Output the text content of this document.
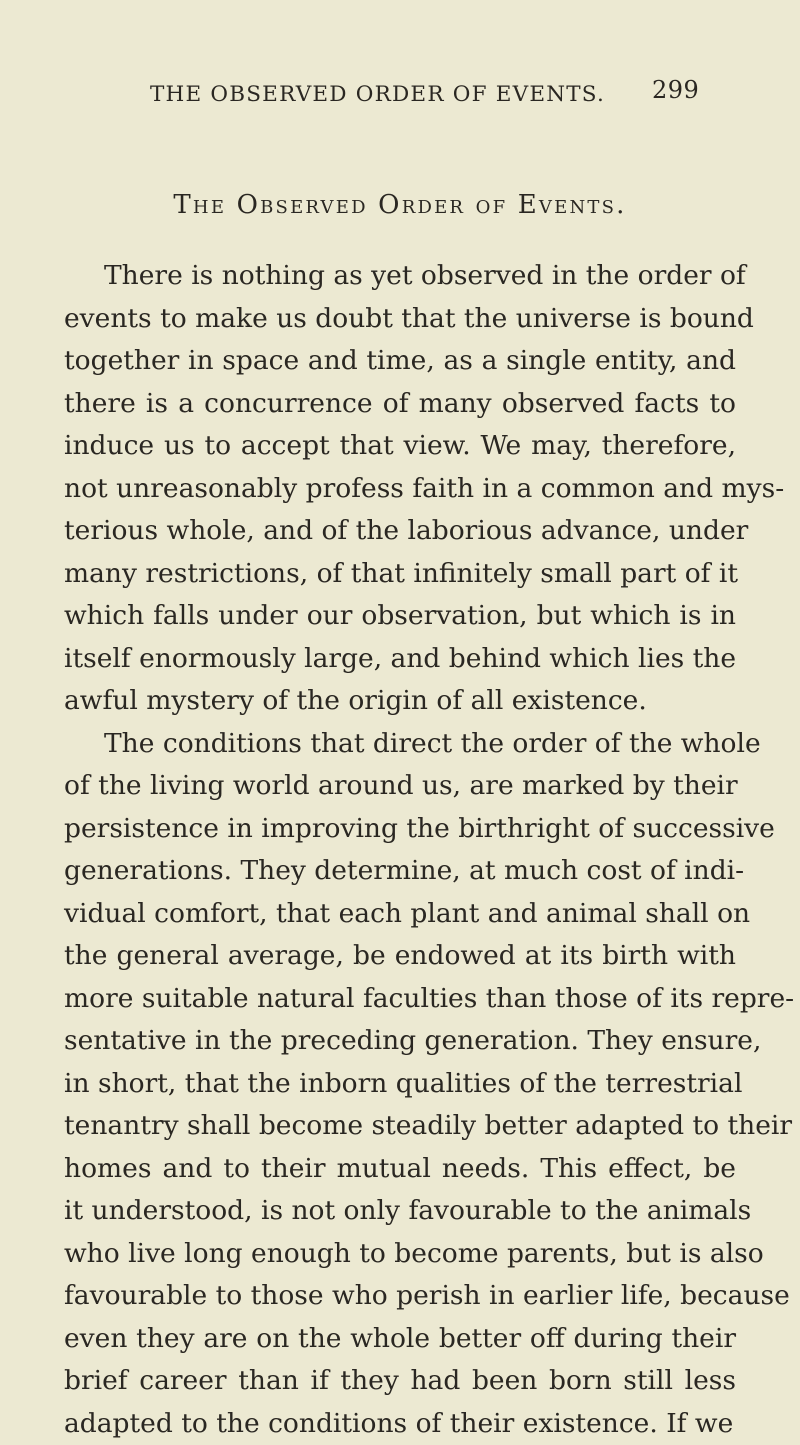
THE OBSERVED ORDER OF EVENTS. 299
The Observed Order of Events.
There is nothing as yet observed in the order of
events to make us doubt that the universe is bound
together in space and time, as a single entity, and
there is a concurrence of many observed facts to
induce us to accept that view. We may, therefore,
not unreasonably profess faith in a common and mys-
terious whole, and of the laborious advance, under
many restrictions, of that infinitely small part of it
which falls under our observation, but which is in
itself enormously large, and behind which lies the
awful mystery of the origin of all existence.
The conditions that direct the order of the whole
of the living world around us, are marked by their
persistence in improving the birthright of successive
generations. They determine, at much cost of indi-
vidual comfort, that each plant and animal shall on
the general average, be endowed at its birth with
more suitable natural faculties than those of its repre-
sentative in the preceding generation. They ensure,
in short, that the inborn qualities of the terrestrial
tenantry shall become steadily better adapted to their
homes and to their mutual needs. This effect, be
it understood, is not only favourable to the animals
who live long enough to become parents, but is also
favourable to those who perish in earlier life, because
even they are on the whole better off during their
brief career than if they had been born still less
adapted to the conditions of their existence. If we
